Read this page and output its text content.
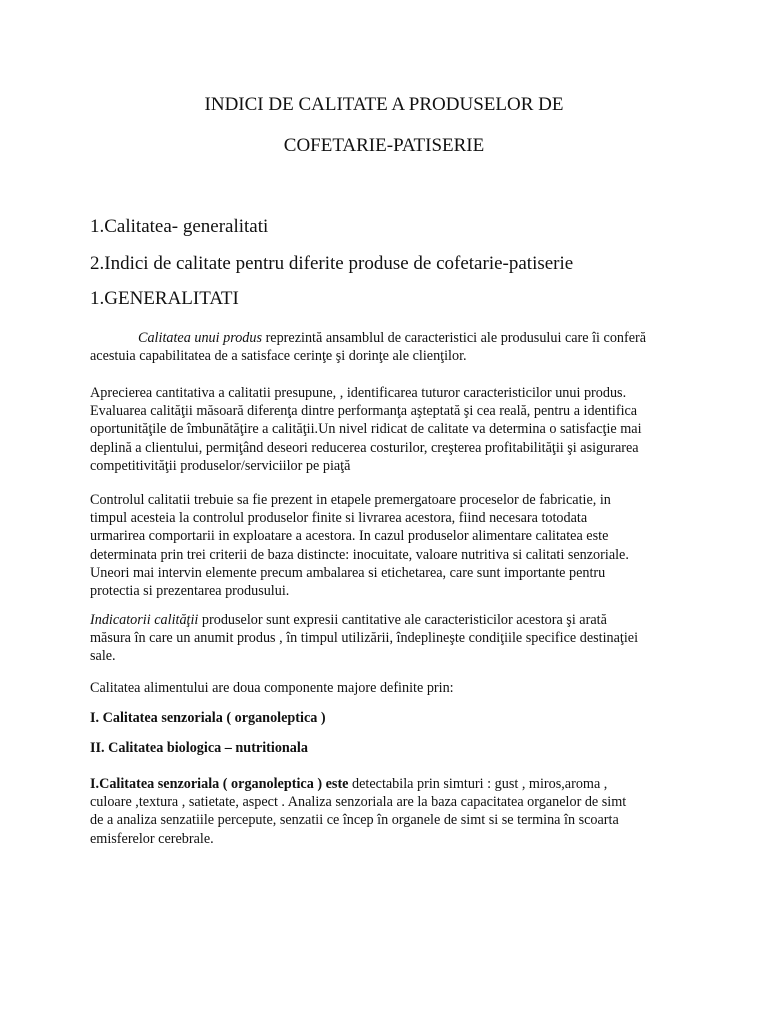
INDICI DE CALITATE A PRODUSELOR DE

COFETARIE-PATISERIE

1.Calitatea- generalitati

2.Indici de calitate pentru diferite produse de cofetarie-patiserie

1.GENERALITATI

Calitatea unui produs reprezintă ansamblul de caracteristici ale produsului care îi conferă
acestuia capabilitatea de a satisface cerinţe şi dorinţe ale clienţilor.
Aprecierea cantitativa a calitatii presupune, , identificarea tuturor caracteristicilor unui produs.
Evaluarea calităţii măsoară diferenţa dintre performanţa aşteptată şi cea reală, pentru a identifica
oportunităţile de îmbunătăţire a calităţii.Un nivel ridicat de calitate va determina o satisfacţie mai
deplină a clientului, permiţând deseori reducerea costurilor, creşterea profitabilităţii şi asigurarea
competitivităţii produselor/serviciilor pe piaţă
Controlul calitatii trebuie sa fie prezent in etapele premergatoare proceselor de fabricatie, in
timpul acesteia la controlul produselor finite si livrarea acestora, fiind necesara totodata
urmarirea comportarii in exploatare a acestora. In cazul produselor alimentare calitatea este
determinata prin trei criterii de baza distincte: inocuitate, valoare nutritiva si calitati senzoriale.
Uneori mai intervin elemente precum ambalarea si etichetarea, care sunt importante pentru
protectia si prezentarea produsului.
Indicatorii calităţii produselor sunt expresii cantitative ale caracteristicilor acestora şi arată
măsura în care un anumit produs , în timpul utilizării, îndeplineşte condiţiile specifice destinaţiei
sale.

Calitatea alimentului are doua componente majore definite prin:

I. Calitatea senzoriala ( organoleptica )

II. Calitatea biologica – nutritionala

I.Calitatea senzoriala ( organoleptica ) este detectabila prin simturi : gust , miros,aroma ,
culoare ,textura , satietate, aspect . Analiza senzoriala are la baza capacitatea organelor de simt
de a analiza senzatiile percepute, senzatii ce încep în organele de simt si se termina în scoarta
emisferelor cerebrale.
